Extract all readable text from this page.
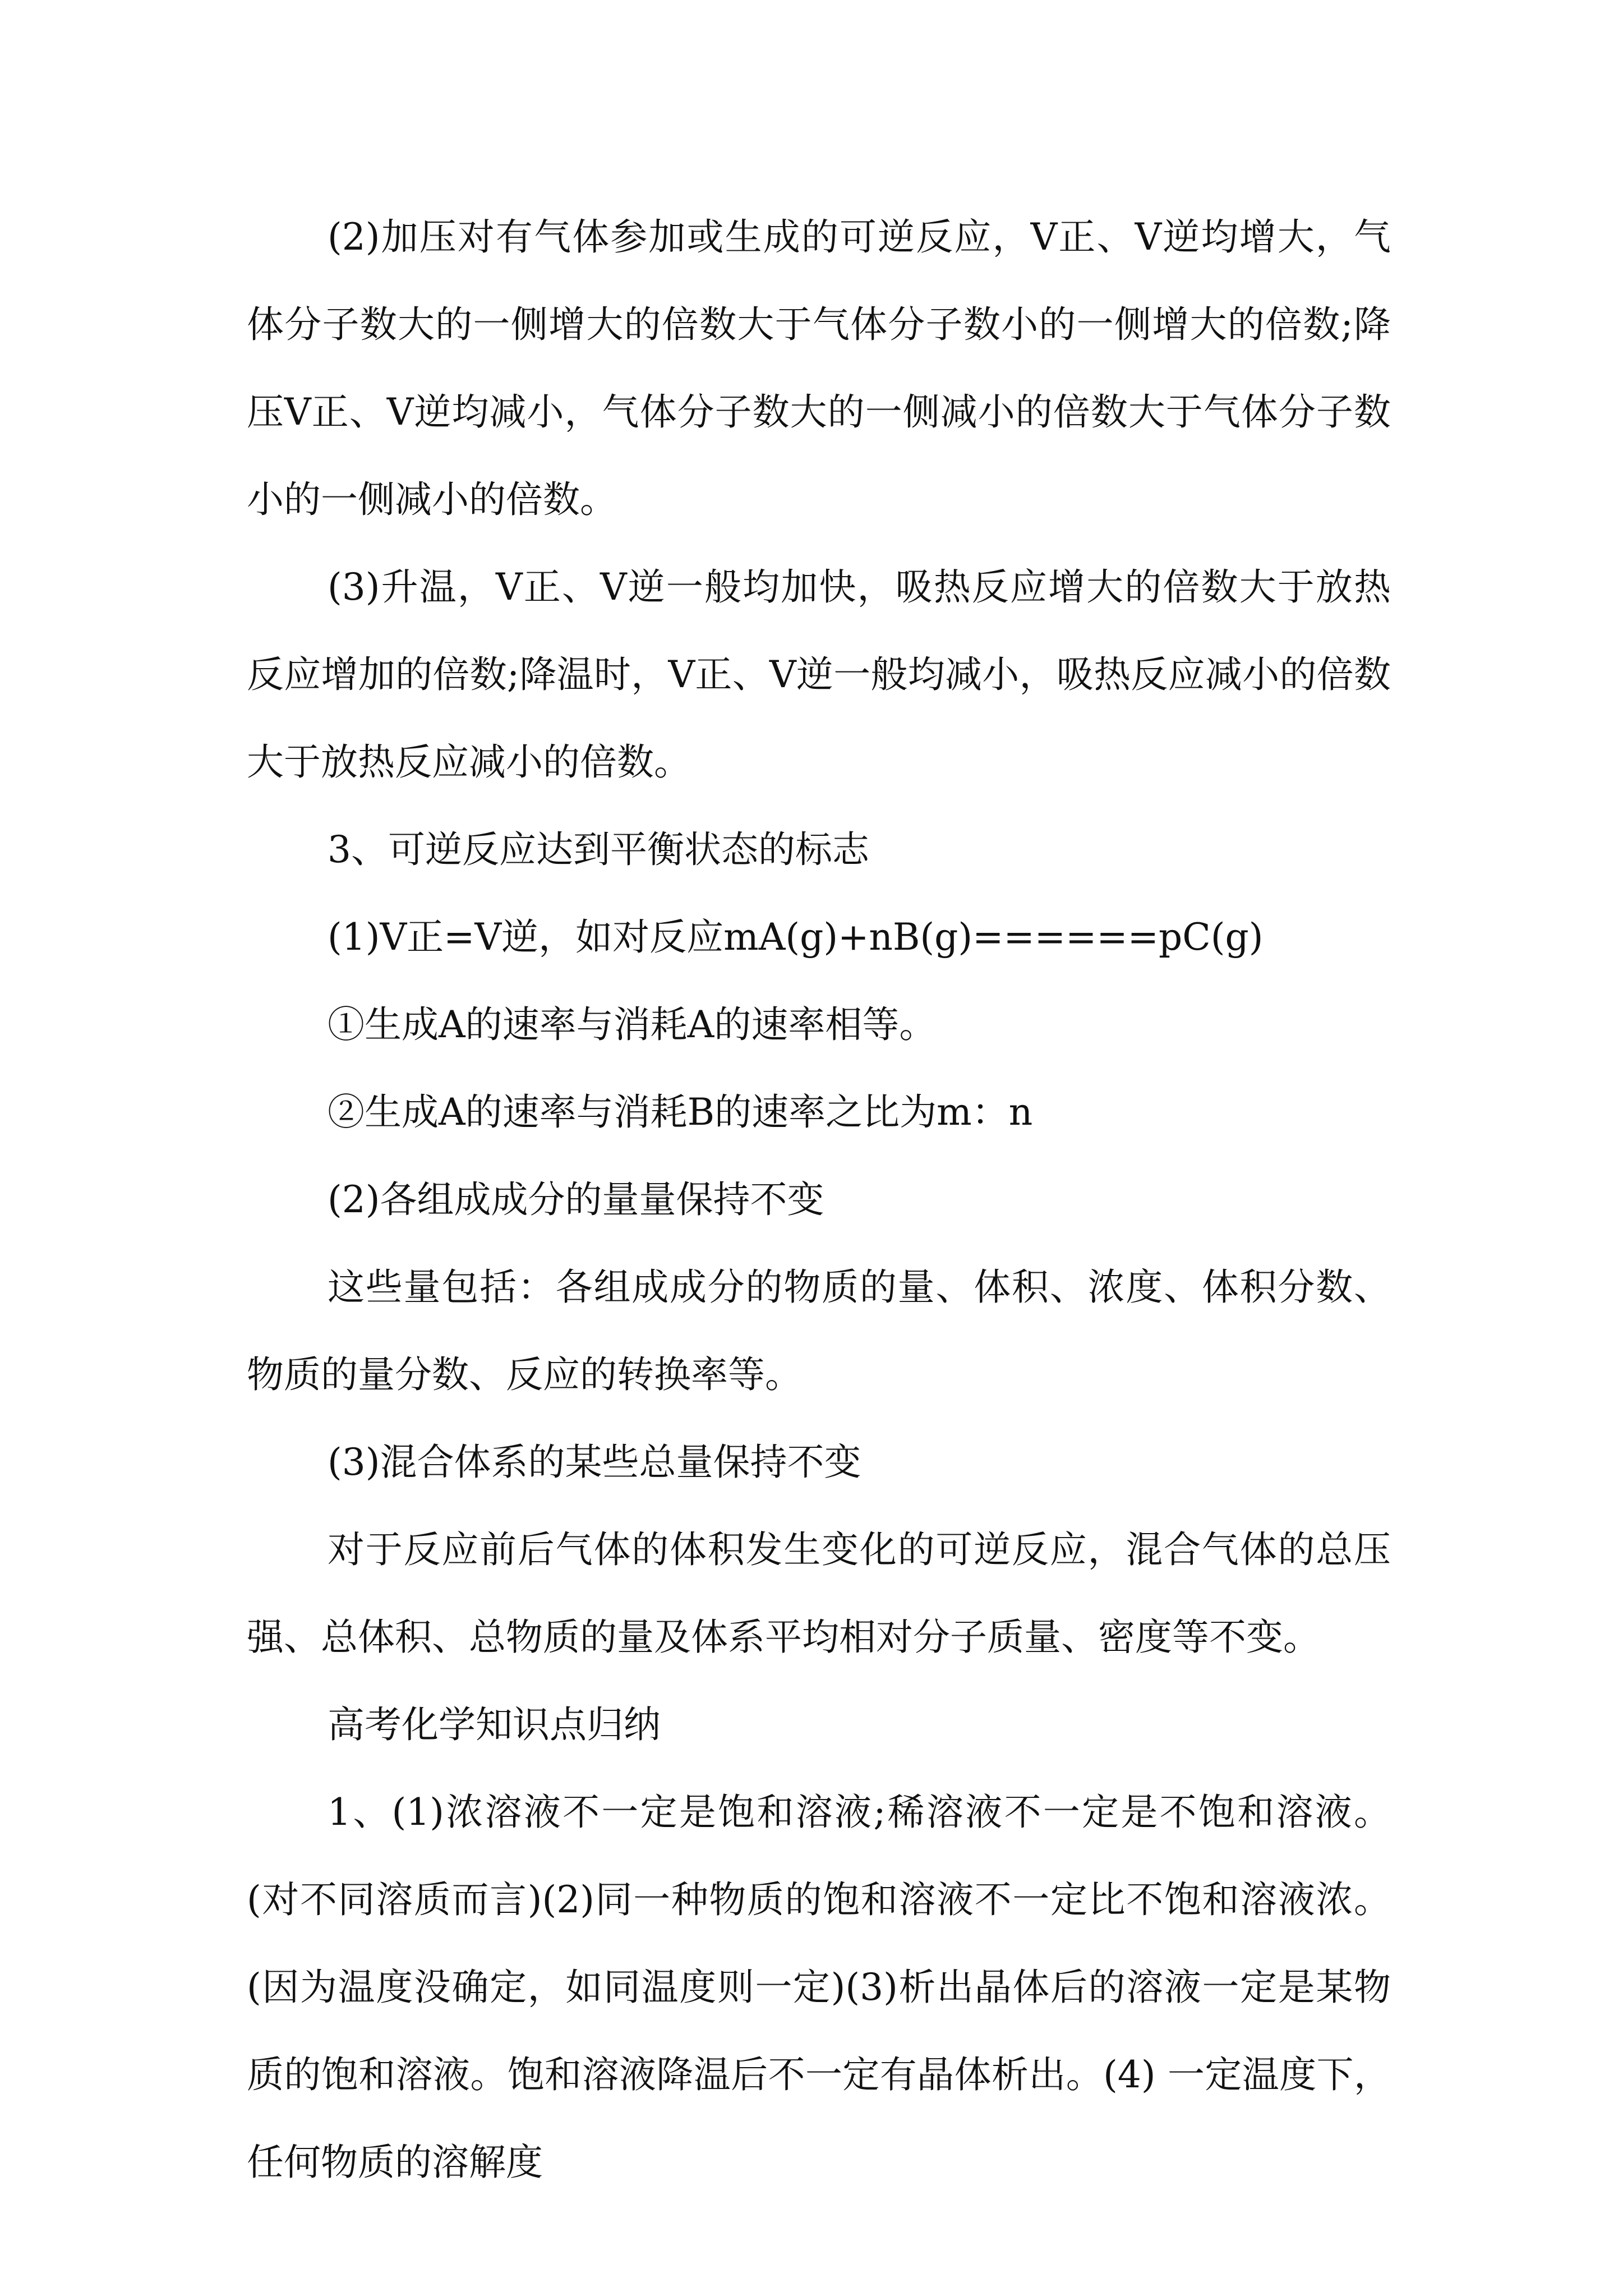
(2)加压对有气体参加或生成的可逆反应，V正、V逆均增大，气体分子数大的一侧增大的倍数大于气体分子数小的一侧增大的倍数;降压V正、V逆均减小，气体分子数大的一侧减小的倍数大于气体分子数小的一侧减小的倍数。

(3)升温，V正、V逆一般均加快，吸热反应增大的倍数大于放热反应增加的倍数;降温时，V正、V逆一般均减小，吸热反应减小的倍数大于放热反应减小的倍数。

3、可逆反应达到平衡状态的标志

(1)V正=V逆，如对反应mA(g)+nB(g)======pC(g)

①生成A的速率与消耗A的速率相等。

②生成A的速率与消耗B的速率之比为m：n

(2)各组成成分的量量保持不变

这些量包括：各组成成分的物质的量、体积、浓度、体积分数、物质的量分数、反应的转换率等。

(3)混合体系的某些总量保持不变

对于反应前后气体的体积发生变化的可逆反应，混合气体的总压强、总体积、总物质的量及体系平均相对分子质量、密度等不变。

高考化学知识点归纳

1、(1)浓溶液不一定是饱和溶液;稀溶液不一定是不饱和溶液。(对不同溶质而言)(2)同一种物质的饱和溶液不一定比不饱和溶液浓。(因为温度没确定，如同温度则一定)(3)析出晶体后的溶液一定是某物质的饱和溶液。饱和溶液降温后不一定有晶体析出。(4) 一定温度下，任何物质的溶解度
